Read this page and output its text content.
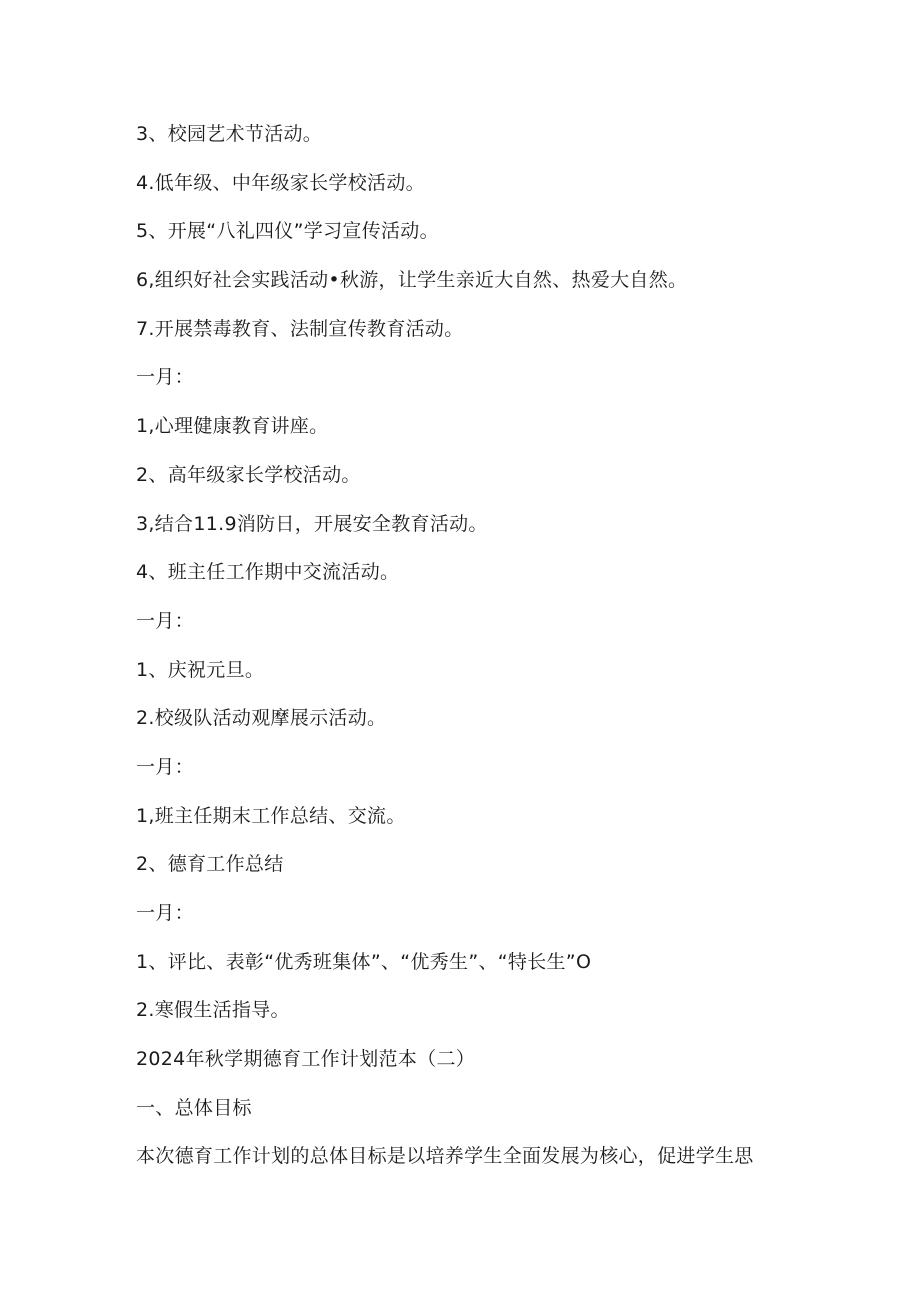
3、校园艺术节活动。
4.低年级、中年级家长学校活动。
5、开展“八礼四仪”学习宣传活动。
6,组织好社会实践活动•秋游，让学生亲近大自然、热爱大自然。
7.开展禁毒教育、法制宣传教育活动。
一月：
1,心理健康教育讲座。
2、高年级家长学校活动。
3,结合11.9消防日，开展安全教育活动。
4、班主任工作期中交流活动。
一月：
1、庆祝元旦。
2.校级队活动观摩展示活动。
一月：
1,班主任期末工作总结、交流。
2、德育工作总结
一月：
1、评比、表彰“优秀班集体”、“优秀生”、“特长生”O
2.寒假生活指导。
2024年秋学期德育工作计划范本（二）
一、总体目标
本次德育工作计划的总体目标是以培养学生全面发展为核心，促进学生思
